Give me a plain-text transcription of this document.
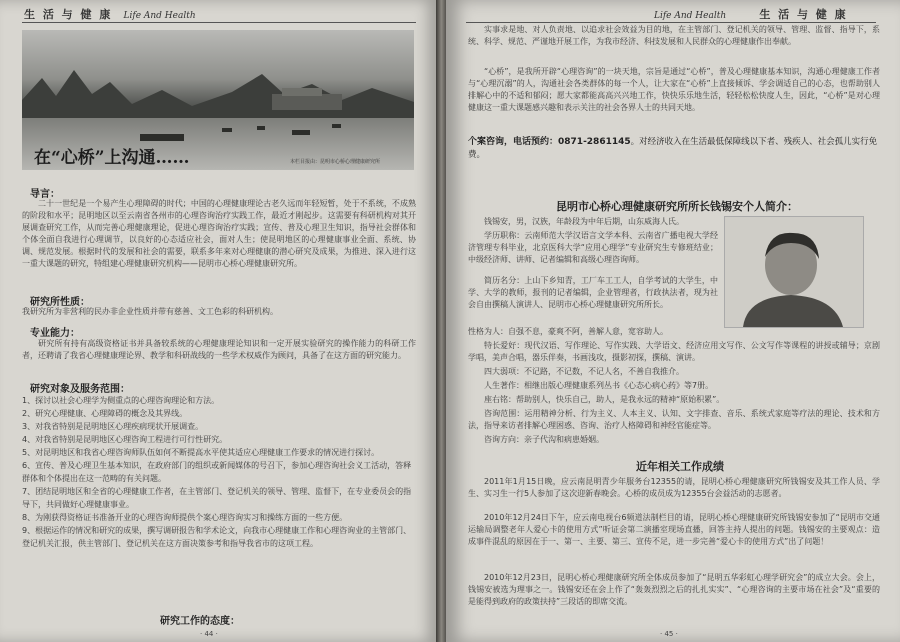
生 活 与 健 康 Life And Health
在“心桥”上沟通……	本栏目报由：昆明市心桥心理健康研究所
导言：
二十一世纪是一个易产生心理障碍的时代；中国的心理健康理论古老久远而年轻短暂，处于不系统，不成熟的阶段和水平；昆明地区以至云南省各州市的心理咨询治疗实践工作，最近才刚起步。这需要有科研机构对其开展调查研究工作，从而完善心理健康理论，促进心理咨询治疗实践；宣传、普及心理卫生知识，指导社会群体和个体全面自我进行心理调节，以良好的心态适应社会，面对人生；使昆明地区的心理健康事业全面、系统、协调、规范发展。根据时代的发展和社会的需要，联系多年来对心理健康的潜心研究及成果，为推进、深入进行这一重大课题的研究，特组建心理健康研究机构——昆明市心桥心理健康研究所。
研究所性质：
我研究所为非营利的民办非企业性质并带有慈善、文工色彩的科研机构。
专业能力：
研究所有持有高级资格证书并具备较系统的心理健康理论知识和一定开展实验研究的操作能力的科研工作者，还聘请了我省心理健康理论界、教学和科研战线的一些学术权威作为顾问，具备了在这方面的研究能力。
研究对象及服务范围：
1、探讨以社会心理学为侧重点的心理咨询理论和方法。
2、研究心理健康、心理障碍的概念及其界线。
3、对我省特别是昆明地区心理疾病现状开展调查。
4、对我省特别是昆明地区心理咨询工程进行可行性研究。
5、对昆明地区和我省心理咨询师队伍如何不断提高水平使其适应心理健康工作要求的情况进行探讨。
6、宣传、普及心理卫生基本知识，在政府部门的组织或新闻媒体的号召下，参加心理咨询社会义工活动，答释群体和个体提出在这一范畴的有关问题。
7、团结昆明地区和全省的心理健康工作者，在主管部门、登记机关的领导、管理、监督下，在专业委员会的指导下，共同做好心理健康事业。
8、为刚获得资格证书准备开业的心理咨询师提供个案心理咨询实习和操练方面的一些方便。
9、根据运作的情况和研究的成果，撰写调研报告和学术论文，向我市心理健康工作和心理咨询业的主管部门、登记机关汇报，供主管部门、登记机关在这方面决策参考和指导我省市的这项工程。
研究工作的态度：
· 44 ·
Life And Health	生 活 与 健 康
实事求是地、对人负责地、以追求社会效益为目的地，在主管部门、登记机关的领导、管理、监督、指导下，系统、科学、规范、严谨地开展工作，为我市经济、科技发展和人民群众的心理健康作出奉献。
“心桥”，是我所开辟“心理咨询”的一块天地，宗旨是通过“心桥”，普及心理健康基本知识，沟通心理健康工作者与“心理沉溺”的人，沟通社会各类群体的每一个人，让大家在“心桥”上直接倾诉、学会调适自己的心态，也帮助别人排解心中的不适和郁闷；愿大家都能高高兴兴地工作，快快乐乐地生活，轻轻松松快度人生，因此，“心桥”是对心理健康这一重大课题感兴趣和表示关注的社会各界人士的共同天地。
个案咨询，电话预约：0871-2861145。对经济收入在生活最低保障线以下者、残疾人、社会孤儿实行免费。
昆明市心桥心理健康研究所所长钱锡安个人简介：
钱锡安，男，汉族，年龄段为中年后期，山东威海人氏。
学历职称：云南师范大学汉语言文学本科、云南省广播电视大学经济管理专科毕业，北京医科大学“应用心理学”专业研究生专修班结业；中级经济师、讲师、记者编辑和高级心理咨询师。
简历名分：上山下乡知青，工厂车工工人，自学考试的大学生，中学、大学的教师，报刊的记者编辑，企业管理者，行政执法者，现为社会自由撰稿人演讲人、昆明市心桥心理健康研究所所长。
性格为人：自强不息，豪爽不阿，善解人意，宽容助人。
特长爱好：现代汉语、写作理论、写作实践、大学语文、经济应用文写作、公文写作等课程的讲授或辅导；京剧学唱，美声合唱，器乐伴奏，书画浅攻，摄影初探，撰稿、演讲。
四大弱项：不记路，不记数，不记人名，不善自我推介。
人生著作：相继出版心理健康系列丛书《心态心病心药》等7册。
座右铭：帮助别人，快乐自己，助人，是我永远的精神“原始积累”。
咨询范围：运用精神分析、行为主义、人本主义、认知、文字排查、音乐、系统式家庭等疗法的理论、技术和方法，指导来访者排解心理困惑、咨询、治疗人格障碍和神经官能症等。
咨询方向：亲子代沟和病患婚姻。
近年相关工作成绩
2011年1月15日晚，应云南昆明青少年服务台12355的请，昆明心桥心理健康研究所钱锡安及其工作人员、学生、实习生一行5人参加了这次迎新春晚会。心桥的成员成为12355台会益活动的志愿者。
2010年12月24日下午，应云南电视台6频道法制栏目的请，昆明心桥心理健康研究所钱锡安参加了“昆明市交通运输局调整老年人爱心卡的使用方式”听证会第二演播室现场直播，回答主持人提出的问题。钱锡安的主要观点：造成事件混乱的原因在于一、第一、主要、第三、宣传不足，进一步完善“爱心卡的使用方式”出了问题！
2010年12月23日，昆明心桥心理健康研究所全体成员参加了“昆明五华彩虹心理学研究会”的成立大会。会上，钱锡安被选为理事之一。钱锡安还在会上作了“轰轰烈烈之后的扎扎实实”、“心理咨询的主要市场在社会”及“重要的是能得到政府的政策扶持”三段话的即席交流。
· 45 ·
